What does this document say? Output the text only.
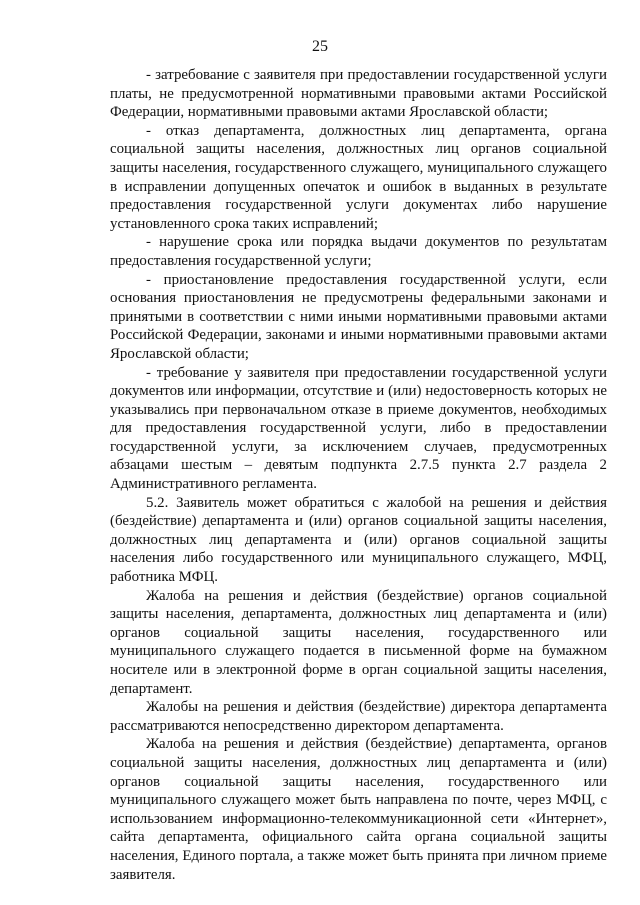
25

- затребование с заявителя при предоставлении государственной услуги платы, не предусмотренной нормативными правовыми актами Российской Федерации, нормативными правовыми актами Ярославской области;

- отказ департамента, должностных лиц департамента, органа социальной защиты населения, должностных лиц органов социальной защиты населения, государственного служащего, муниципального служащего в исправлении допущенных опечаток и ошибок в выданных в результате предоставления государственной услуги документах либо нарушение установленного срока таких исправлений;

- нарушение срока или порядка выдачи документов по результатам предоставления государственной услуги;

- приостановление предоставления государственной услуги, если основания приостановления не предусмотрены федеральными законами и принятыми в соответствии с ними иными нормативными правовыми актами Российской Федерации, законами и иными нормативными правовыми актами Ярославской области;

- требование у заявителя при предоставлении государственной услуги документов или информации, отсутствие и (или) недостоверность которых не указывались при первоначальном отказе в приеме документов, необходимых для предоставления государственной услуги, либо в предоставлении государственной услуги, за исключением случаев, предусмотренных абзацами шестым – девятым подпункта 2.7.5 пункта 2.7 раздела 2 Административного регламента.

5.2. Заявитель может обратиться с жалобой на решения и действия (бездействие) департамента и (или) органов социальной защиты населения, должностных лиц департамента и (или) органов социальной защиты населения либо государственного или муниципального служащего, МФЦ, работника МФЦ.

Жалоба на решения и действия (бездействие) органов социальной защиты населения, департамента, должностных лиц департамента и (или) органов социальной защиты населения, государственного или муниципального служащего подается в письменной форме на бумажном носителе или в электронной форме в орган социальной защиты населения, департамент.

Жалобы на решения и действия (бездействие) директора департамента рассматриваются непосредственно директором департамента.

Жалоба на решения и действия (бездействие) департамента, органов социальной защиты населения, должностных лиц департамента и (или) органов социальной защиты населения, государственного или муниципального служащего может быть направлена по почте, через МФЦ, с использованием информационно-телекоммуникационной сети «Интернет», сайта департамента, официального сайта органа социальной защиты населения, Единого портала, а также может быть принята при личном приеме заявителя.
